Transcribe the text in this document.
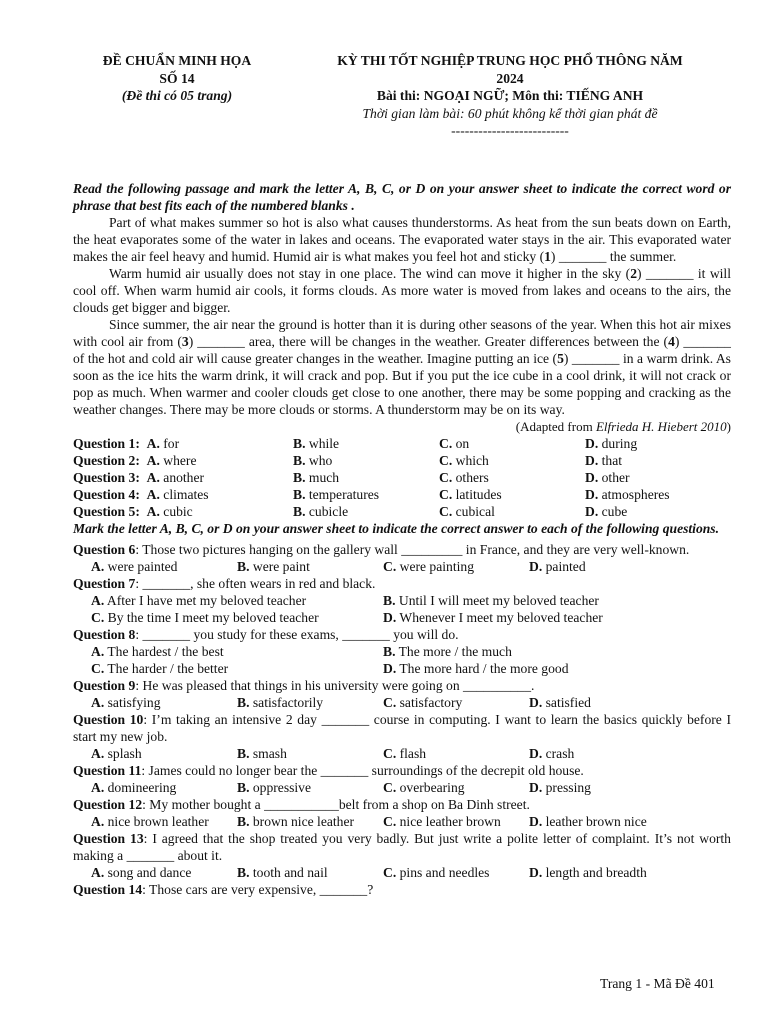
ĐỀ CHUẨN MINH HỌA
SỐ 14
(Đề thi có 05 trang)
KỲ THI TỐT NGHIỆP TRUNG HỌC PHỔ THÔNG NĂM
2024
Bài thi: NGOẠI NGỮ; Môn thi: TIẾNG ANH
Thời gian làm bài: 60 phút không kể thời gian phát đề
--------------------------
Read the following passage and mark the letter A, B, C, or D on your answer sheet to indicate the correct word or phrase that best fits each of the numbered blanks .

Part of what makes summer so hot is also what causes thunderstorms. As heat from the sun beats down on Earth, the heat evaporates some of the water in lakes and oceans. The evaporated water stays in the air. This evaporated water makes the air feel heavy and humid. Humid air is what makes you feel hot and sticky (1) _______ the summer.

Warm humid air usually does not stay in one place. The wind can move it higher in the sky (2) _______ it will cool off. When warm humid air cools, it forms clouds. As more water is moved from lakes and oceans to the airs, the clouds get bigger and bigger.

Since summer, the air near the ground is hotter than it is during other seasons of the year. When this hot air mixes with cool air from (3) _______ area, there will be changes in the weather. Greater differences between the (4) _______ of the hot and cold air will cause greater changes in the weather. Imagine putting an ice (5) _______ in a warm drink. As soon as the ice hits the warm drink, it will crack and pop. But if you put the ice cube in a cool drink, it will not crack or pop as much. When warmer and cooler clouds get close to one another, there may be some popping and cracking as the weather changes. There may be more clouds or storms. A thunderstorm may be on its way.

(Adapted from Elfrieda H. Hiebert 2010)
Question 1: A. for	B. while	C. on	D. during
Question 2: A. where	B. who	C. which	D. that
Question 3: A. another	B. much	C. others	D. other
Question 4: A. climates	B. temperatures	C. latitudes	D. atmospheres
Question 5: A. cubic	B. cubicle	C. cubical	D. cube
Mark the letter A, B, C, or D on your answer sheet to indicate the correct answer to each of the following questions.
Question 6: Those two pictures hanging on the gallery wall _________ in France, and they are very well-known.
A. were painted	B. were paint	C. were painting	D. painted
Question 7: _______, she often wears in red and black.
A. After I have met my beloved teacher	B. Until I will meet my beloved teacher
C. By the time I meet my beloved teacher	D. Whenever I meet my beloved teacher
Question 8: _______ you study for these exams, _______ you will do.
A. The hardest / the best	B. The more / the much
C. The harder / the better	D. The more hard / the more good
Question 9: He was pleased that things in his university were going on __________.
A. satisfying	B. satisfactorily	C. satisfactory	D. satisfied
Question 10: I’m taking an intensive 2 day _______ course in computing. I want to learn the basics quickly before I start my new job.
A. splash	B. smash	C. flash	D. crash
Question 11: James could no longer bear the _______ surroundings of the decrepit old house.
A. domineering	B. oppressive	C. overbearing	D. pressing
Question 12: My mother bought a ___________belt from a shop on Ba Dinh street.
A. nice brown leather	B. brown nice leather	C. nice leather brown	D. leather brown nice
Question 13: I agreed that the shop treated you very badly. But just write a polite letter of complaint. It’s not worth making a _______ about it.
A. song and dance	B. tooth and nail	C. pins and needles	D. length and breadth
Question 14: Those cars are very expensive, _______?
Trang 1 - Mã Đề 401
